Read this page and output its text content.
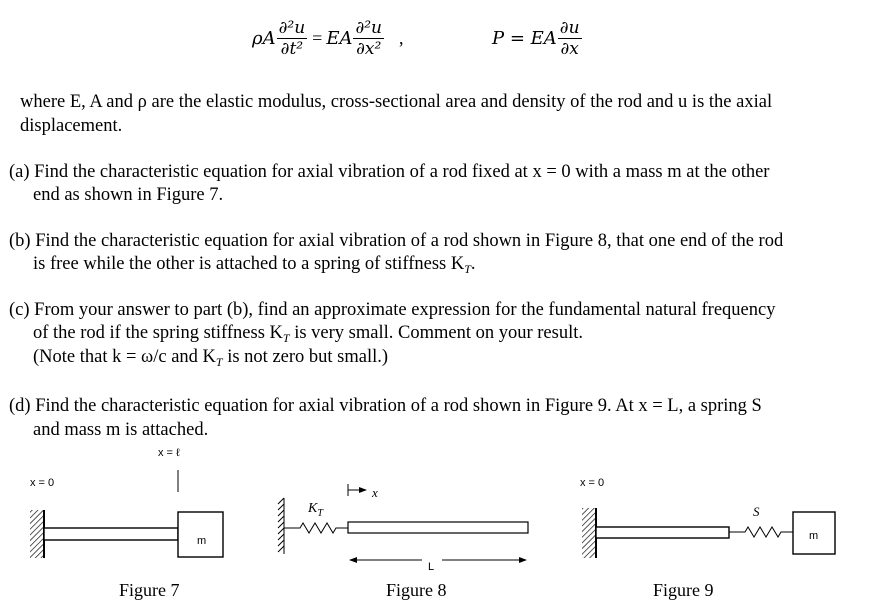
ρA $\frac{\text{∂²u}}{\text{∂t²}}$ = EA $\frac{\text{∂²u}}{\text{∂x²}}$ ,	P = EA $\frac{\partial u}{\partial x}$
where E, A and ρ are the elastic modulus, cross-sectional area and density of the rod and u is the axial
displacement.
(a) Find the characteristic equation for axial vibration of a rod fixed at x = 0 with a mass m at the other
end as shown in Figure 7.
(b) Find the characteristic equation for axial vibration of a rod shown in Figure 8, that one end of the rod
is free while the other is attached to a spring of stiffness $K_T$.
(c) From your answer to part (b), find an approximate expression for the fundamental natural frequency
of the rod if the spring stiffness $K_T$ is very small. Comment on your result.
(Note that k = ω/c and $K_T$ is not zero but small.)
(d) Find the characteristic equation for axial vibration of a rod shown in Figure 9. At x = L, a spring S
and mass m is attached.
x = 0
x = ℓ
m
Figure 7
$K_T$
x
L
Figure 8
x = 0
S
m
Figure 9
